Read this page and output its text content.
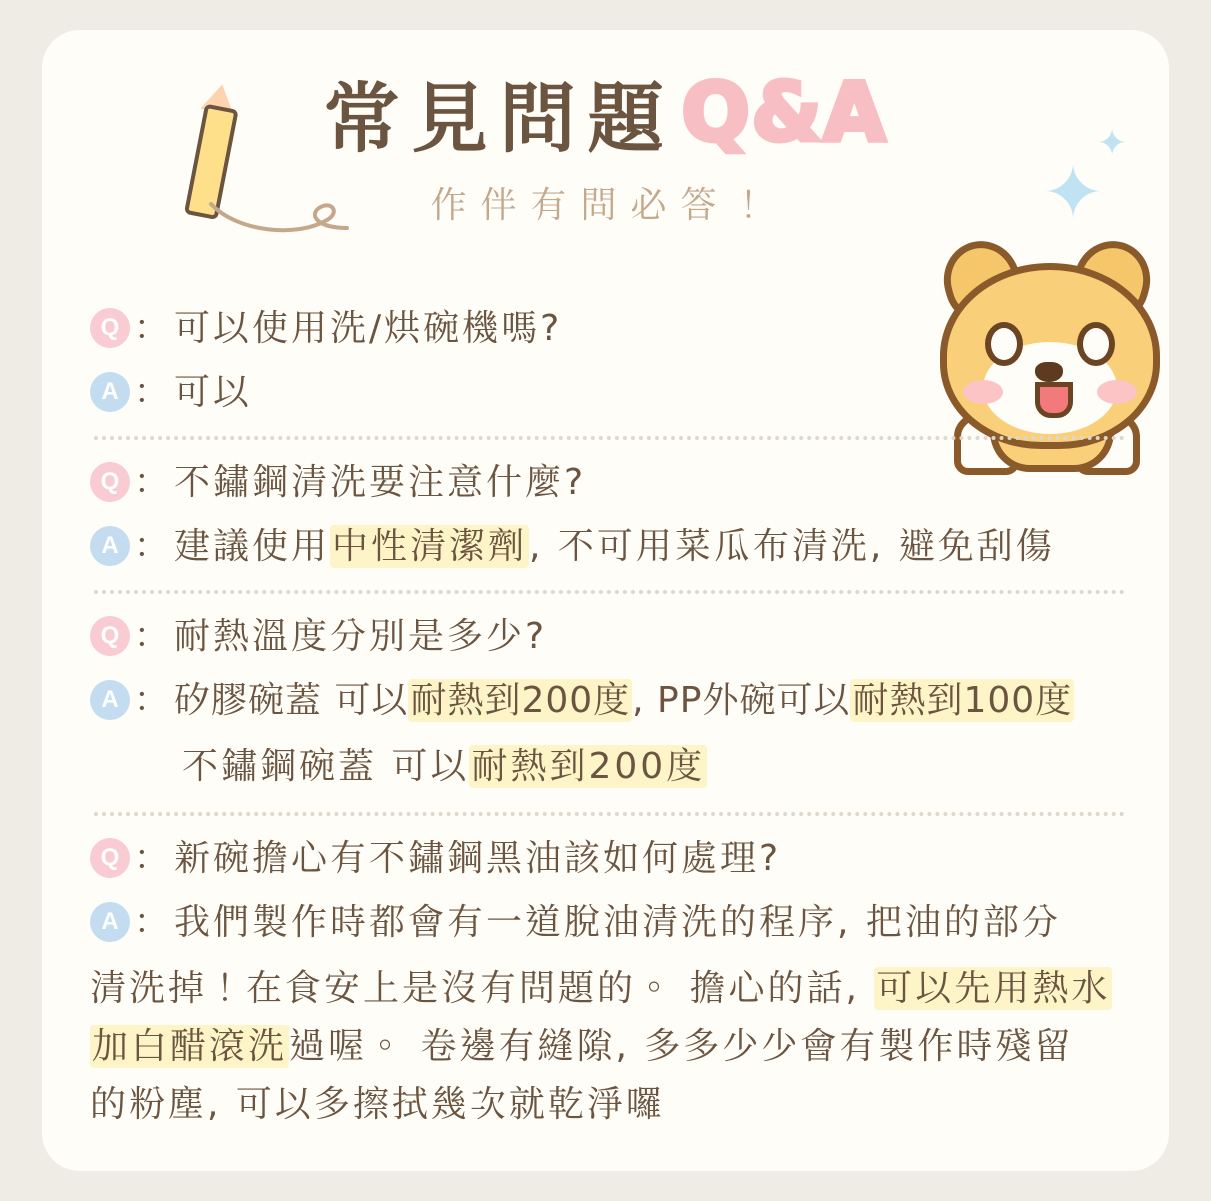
常見問題Q&A
作伴有問必答！	✦
✦
Q ： 可以使用洗/烘碗機嗎?
A ： 可以
Q ： 不鏽鋼清洗要注意什麼?
A ： 建議使用中性清潔劑, 不可用菜瓜布清洗, 避免刮傷
Q ： 耐熱溫度分別是多少?
A ： 矽膠碗蓋 可以耐熱到200度, PP外碗可以耐熱到100度
不鏽鋼碗蓋 可以耐熱到200度
Q ： 新碗擔心有不鏽鋼黑油該如何處理?
A ： 我們製作時都會有一道脫油清洗的程序, 把油的部分
清洗掉！在食安上是沒有問題的。 擔心的話, 可以先用熱水
加白醋滾洗過喔。 卷邊有縫隙, 多多少少會有製作時殘留
的粉塵, 可以多擦拭幾次就乾淨囉
